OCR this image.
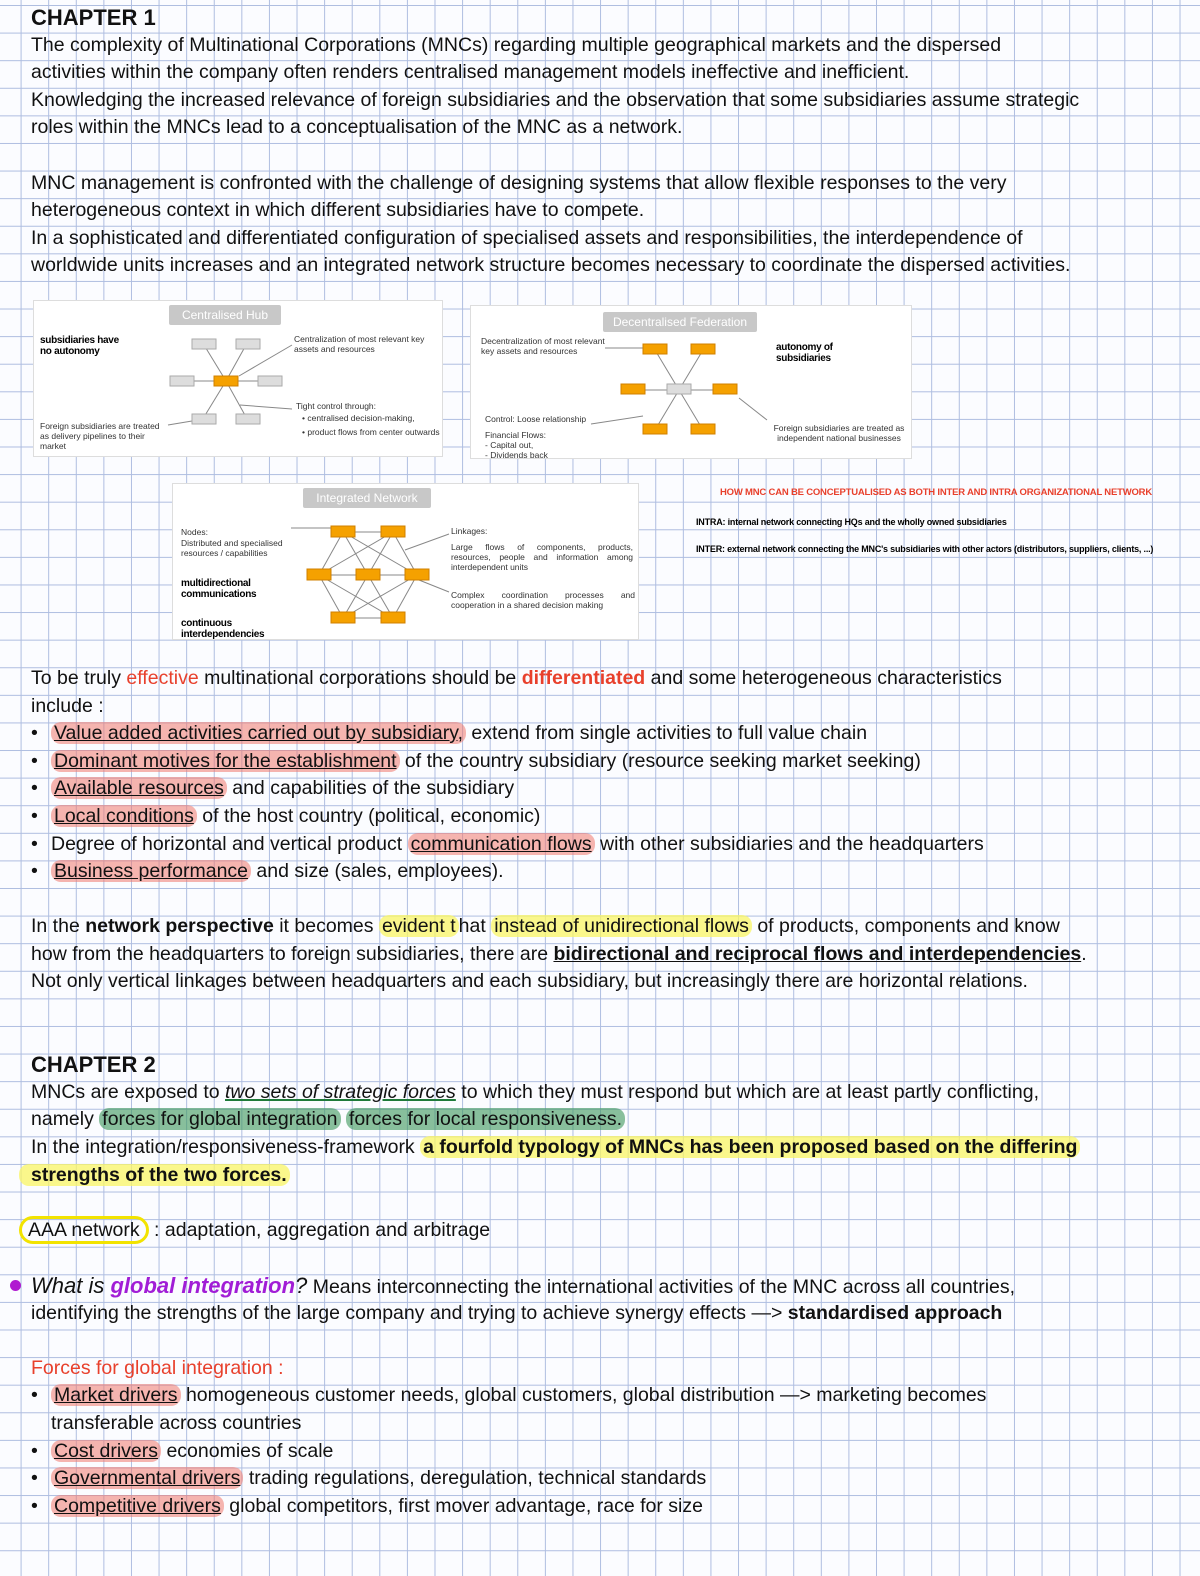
CHAPTER 1
The complexity of Multinational Corporations (MNCs) regarding multiple geographical markets and the dispersed
activities within the company often renders centralised management models ineffective and inefficient.
Knowledging the increased relevance of foreign subsidiaries and the observation that some subsidiaries assume strategic
roles within the MNCs lead to a conceptualisation of the MNC as a network.
MNC management is confronted with the challenge of designing systems that allow flexible responses to the very
heterogeneous context in which different subsidiaries have to compete.
In a sophisticated and differentiated configuration of specialised assets and responsibilities, the interdependence of
worldwide units increases and an integrated network structure becomes necessary to coordinate the dispersed activities.
To be truly effective multinational corporations should be differentiated and some heterogeneous characteristics
include :
• Value added activities carried out by subsidiary, extend from single activities to full value chain
• Dominant motives for the establishment of the country subsidiary (resource seeking market seeking)
• Available resources and capabilities of the subsidiary
• Local conditions of the host country (political, economic)
• Degree of horizontal and vertical product communication flows with other subsidiaries and the headquarters
• Business performance and size (sales, employees).
In the network perspective it becomes evident t hat instead of unidirectional flows of products, components and know
how from the headquarters to foreign subsidiaries, there are bidirectional and reciprocal flows and interdependencies.
Not only vertical linkages between headquarters and each subsidiary, but increasingly there are horizontal relations.
CHAPTER 2
MNCs are exposed to two sets of strategic forces to which they must respond but which are at least partly conflicting,
namely forces for global integration forces for local responsiveness.
In the integration/responsiveness-framework a fourfold typology of MNCs has been proposed based on the differing
strengths of the two forces.
AAA network : adaptation, aggregation and arbitrage
What is global integration? Means interconnecting the international activities of the MNC across all countries,
identifying the strengths of the large company and trying to achieve synergy effects —> standardised approach
Forces for global integration :
• Market drivers homogeneous customer needs, global customers, global distribution —> marketing becomes
transferable across countries
• Cost drivers economies of scale
• Governmental drivers trading regulations, deregulation, technical standards
• Competitive drivers global competitors, first mover advantage, race for size
Centralised Hub
subsidiaries have no autonomy
Centralization of most relevant key assets and resources
Tight control through:
• centralised decision-making,
• product flows from center outwards
Foreign subsidiaries are treated as delivery pipelines to their market
Decentralised Federation
Decentralization of most relevant key assets and resources
Control: Loose relationship
Financial Flows:
- Capital out,
- Dividends back
Foreign subsidiaries are treated as independent national businesses
autonomy of subsidiaries
Integrated Network
Nodes:
Distributed and specialised resources / capabilities
Linkages:
Large flows of components, products, resources, people and information among interdependent units
Complex coordination processes and cooperation in a shared decision making
multidirectional communications
continuous interdependencies
HOW MNC CAN BE CONCEPTUALISED AS BOTH INTER AND INTRA ORGANIZATIONAL NETWORK
INTRA: internal network connecting HQs and the wholly owned subsidiaries
INTER: external network connecting the MNC's subsidiaries with other actors (distributors, suppliers, clients, ...)
